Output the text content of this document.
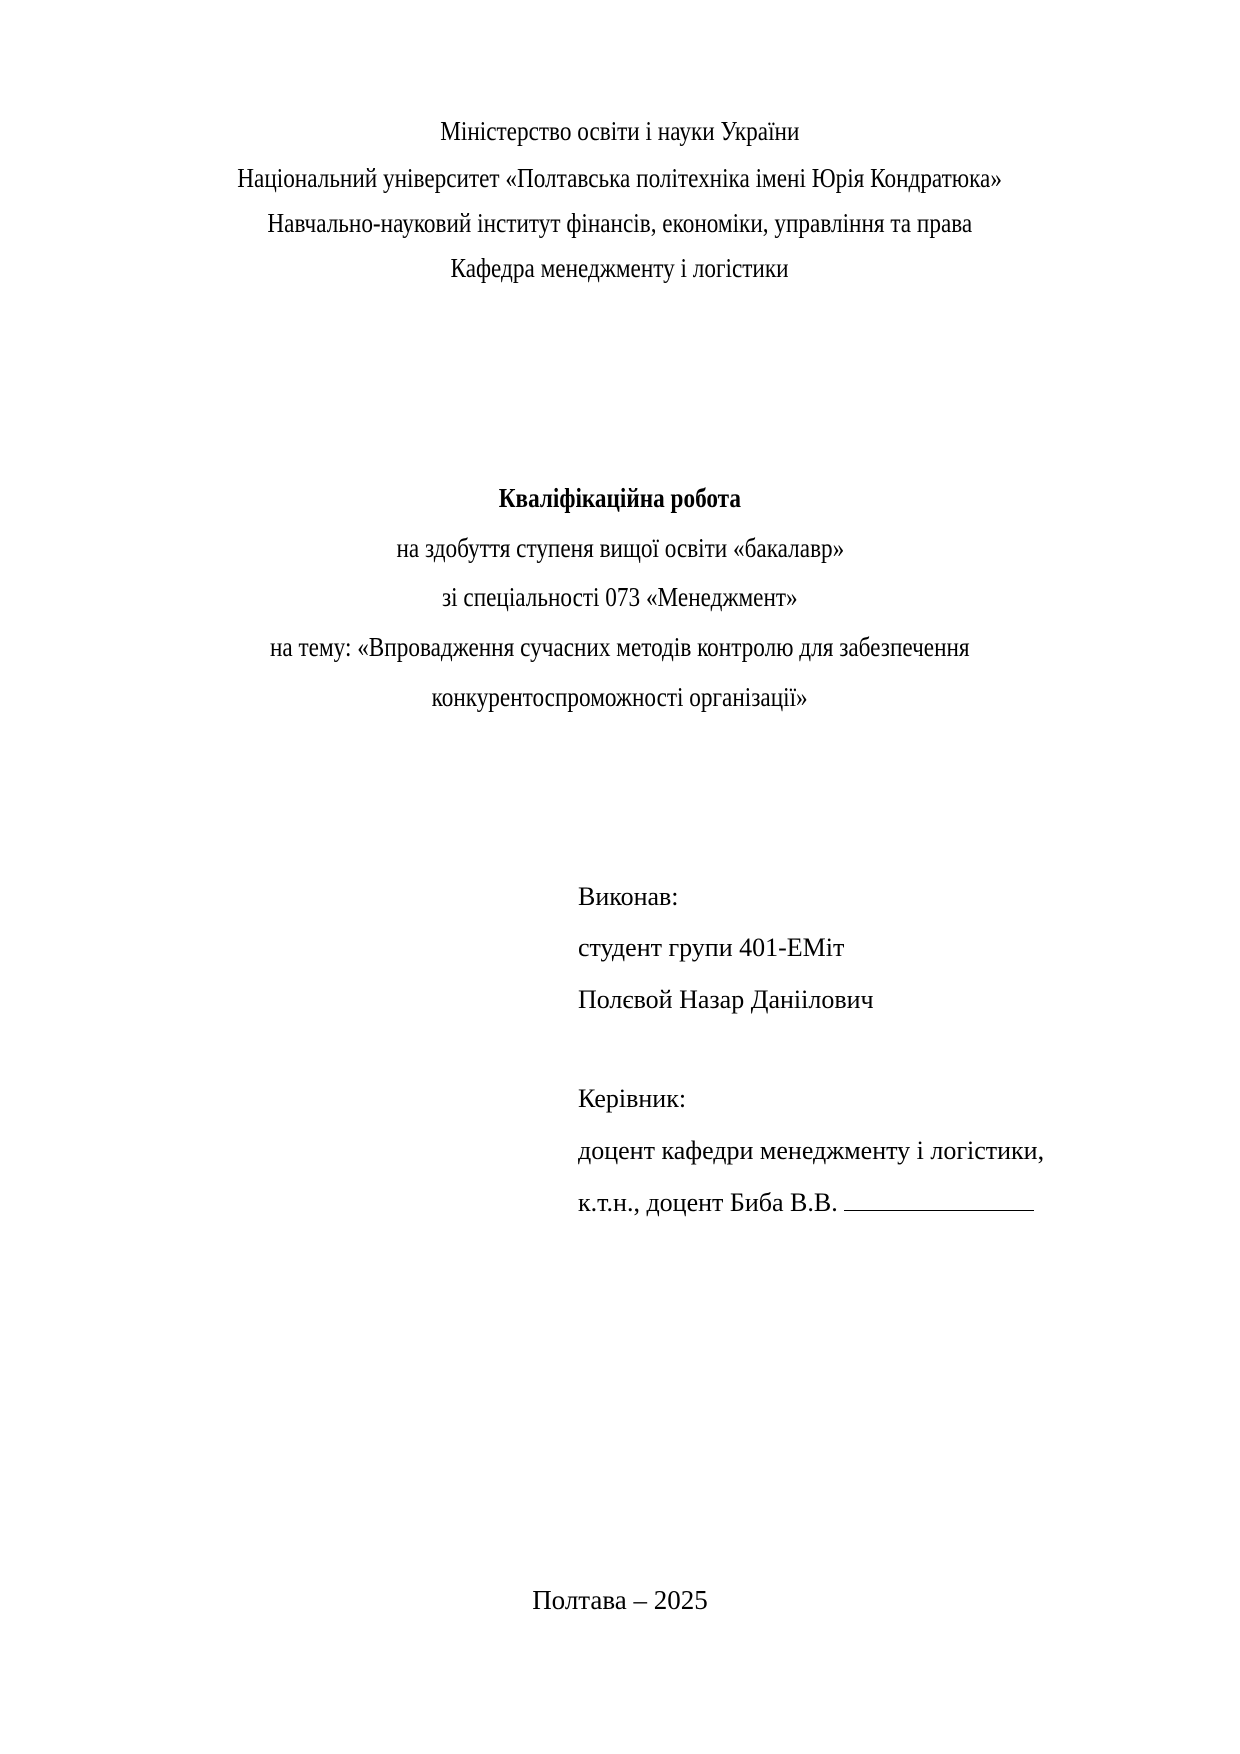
Міністерство освіти і науки України
Національний університет «Полтавська політехніка імені Юрія Кондратюка»
Навчально-науковий інститут фінансів, економіки, управління та права
Кафедра менеджменту і логістики
Кваліфікаційна робота
на здобуття ступеня вищої освіти «бакалавр»
зі спеціальності 073 «Менеджмент»
на тему: «Впровадження сучасних методів контролю для забезпечення
конкурентоспроможності організації»
Виконав:
студент групи 401-ЕМіт
Полєвой Назар Даніілович
Керівник:
доцент кафедри менеджменту і логістики,
к.т.н., доцент Биба В.В.
Полтава – 2025
